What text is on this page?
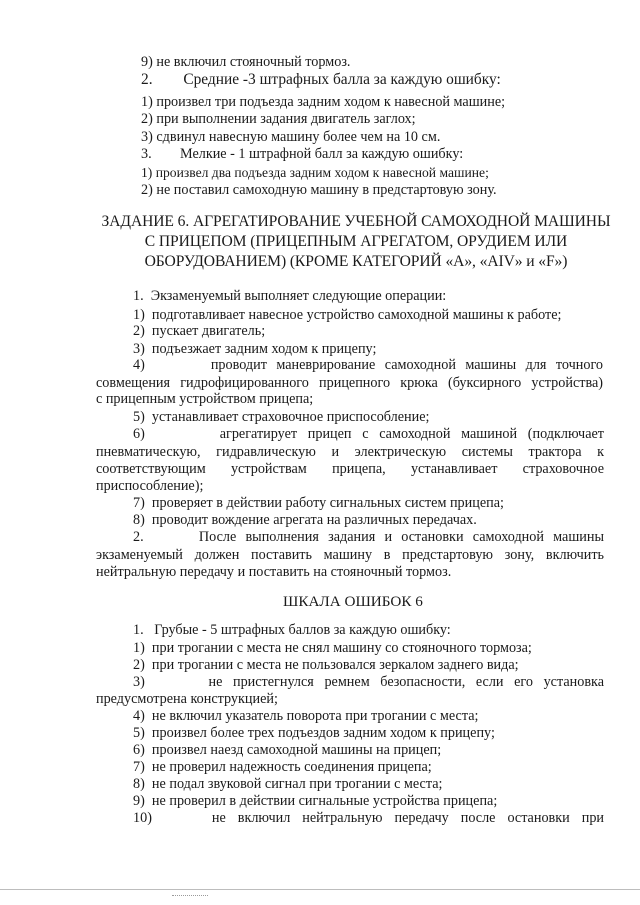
9) не включил стояночный тормоз.
2.        Средние -3 штрафных балла за каждую ошибку:
1) произвел три подъезда задним ходом к навесной машине;
2) при выполнении задания двигатель заглох;
3) сдвинул навесную машину более чем на 10 см.
3.        Мелкие - 1 штрафной балл за каждую ошибку:
1) произвел два подъезда задним ходом к навесной машине;
2) не поставил самоходную машину в предстартовую зону.
ЗАДАНИЕ 6. АГРЕГАТИРОВАНИЕ УЧЕБНОЙ САМОХОДНОЙ МАШИНЫ
С ПРИЦЕПОМ (ПРИЦЕПНЫМ АГРЕГАТОМ, ОРУДИЕМ ИЛИ
ОБОРУДОВАНИЕМ) (КРОМЕ КАТЕГОРИЙ «А», «AIV» и «F»)
1.  Экзаменуемый выполняет следующие операции:
1)  подготавливает навесное устройство самоходной машины к работе;
2)  пускает двигатель;
3)  подъезжает задним ходом к прицепу;
4)       проводит маневрирование самоходной машины для точного
совмещения гидрофицированного прицепного крюка (буксирного устройства)
с прицепным устройством прицепа;
5)  устанавливает страховочное приспособление;
6)       агрегатирует прицеп с самоходной машиной (подключает
пневматическую, гидравлическую и электрическую системы трактора к
соответствующим устройствам прицепа, устанавливает страховочное
приспособление);
7)  проверяет в действии работу сигнальных систем прицепа;
8)  проводит вождение агрегата на различных передачах.
2.      После выполнения задания и остановки самоходной машины
экзаменуемый должен поставить машину в предстартовую зону, включить
нейтральную передачу и поставить на стояночный тормоз.
ШКАЛА ОШИБОК 6
1.   Грубые - 5 штрафных баллов за каждую ошибку:
1)  при трогании с места не снял машину со стояночного тормоза;
2)  при трогании с места не пользовался зеркалом заднего вида;
3)      не пристегнулся ремнем безопасности, если его установка
предусмотрена конструкцией;
4)  не включил указатель поворота при трогании с места;
5)  произвел более трех подъездов задним ходом к прицепу;
6)  произвел наезд самоходной машины на прицеп;
7)  не проверил надежность соединения прицепа;
8)  не подал звуковой сигнал при трогании с места;
9)  не проверил в действии сигнальные устройства прицепа;
10)     не включил нейтральную передачу после остановки при
